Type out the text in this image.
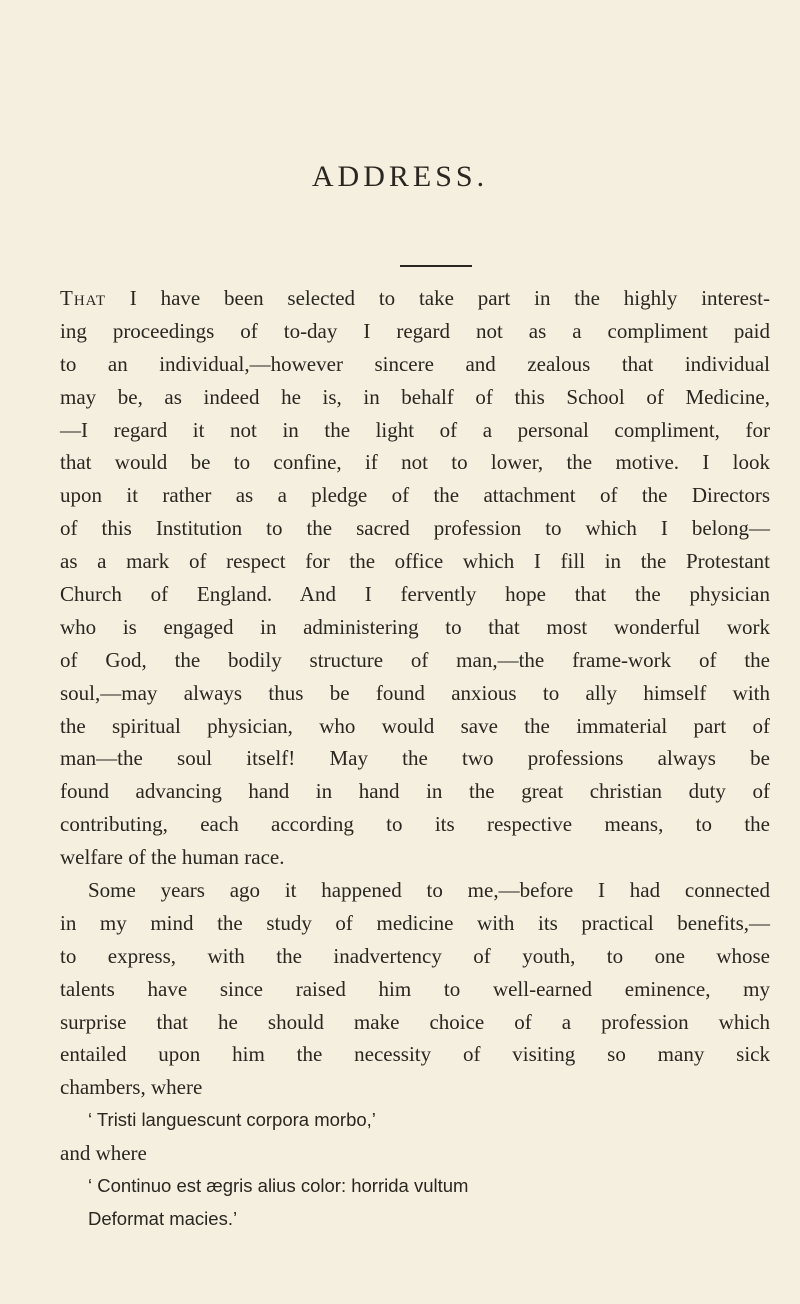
ADDRESS.
That I have been selected to take part in the highly interest-
ing proceedings of to-day I regard not as a compliment paid
to an individual,—however sincere and zealous that individual
may be, as indeed he is, in behalf of this School of Medicine,
—I regard it not in the light of a personal compliment, for
that would be to confine, if not to lower, the motive. I look
upon it rather as a pledge of the attachment of the Directors
of this Institution to the sacred profession to which I belong—
as a mark of respect for the office which I fill in the Protestant
Church of England. And I fervently hope that the physician
who is engaged in administering to that most wonderful work
of God, the bodily structure of man,—the frame-work of the
soul,—may always thus be found anxious to ally himself with
the spiritual physician, who would save the immaterial part of
man—the soul itself! May the two professions always be
found advancing hand in hand in the great christian duty of
contributing, each according to its respective means, to the
welfare of the human race.
Some years ago it happened to me,—before I had connected
in my mind the study of medicine with its practical benefits,—
to express, with the inadvertency of youth, to one whose
talents have since raised him to well-earned eminence, my
surprise that he should make choice of a profession which
entailed upon him the necessity of visiting so many sick
chambers, where
‘ Tristi languescunt corpora morbo,’
and where
‘ Continuo est ægris alius color: horrida vultum
Deformat macies.’
